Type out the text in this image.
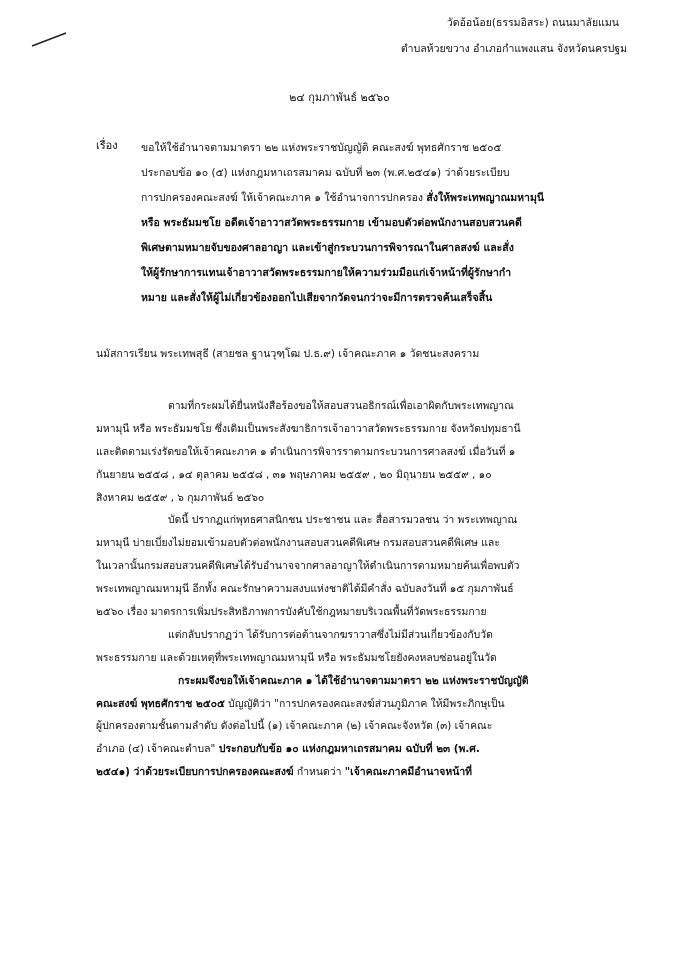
วัดอ้อน้อย(ธรรมอิสระ) ถนนมาลัยแมน
ตำบลห้วยขวาง อำเภอกำแพงแสน จังหวัดนครปฐม
๒๔ กุมภาพันธ์ ๒๕๖๐
เรื่อง ขอให้ใช้อำนาจตามมาตรา ๒๒ แห่งพระราชบัญญัติ คณะสงฆ์ พุทธศักราช ๒๕๐๕
ประกอบข้อ ๑๐ (๕) แห่งกฎมหาเถรสมาคม ฉบับที่ ๒๓ (พ.ศ.๒๕๔๑) ว่าด้วยระเบียบ
การปกครองคณะสงฆ์ ให้เจ้าคณะภาค ๑ ใช้อำนาจการปกครอง สั่งให้พระเทพญาณมหามุนี
หรือ พระธัมมชโย อดีตเจ้าอาวาสวัดพระธรรมกาย เข้ามอบตัวต่อพนักงานสอบสวนคดี
พิเศษตามหมายจับของศาลอาญา และเข้าสู่กระบวนการพิจารณาในศาลสงฆ์ และสั่ง
ให้ผู้รักษาการแทนเจ้าอาวาสวัดพระธรรมกายให้ความร่วมมือแก่เจ้าหน้าที่ผู้รักษากำ
หมาย และสั่งให้ผู้ไม่เกี่ยวข้องออกไปเสียจากวัดจนกว่าจะมีการตรวจค้นเสร็จสิ้น
นมัสการเรียน พระเทพสุธี (สายชล ฐานวุฑฺโฒ ป.ธ.๙) เจ้าคณะภาค ๑ วัดชนะสงคราม
ตามที่กระผมได้ยื่นหนังสือร้องขอให้สอบสวนอธิกรณ์เพื่อเอาผิดกับพระเทพญาณ
มหามุนี หรือ พระธัมมชโย ซึ่งเดิมเป็นพระสังฆาธิการเจ้าอาวาสวัดพระธรรมกาย จังหวัดปทุมธานี
และติดตามเร่งรัดขอให้เจ้าคณะภาค ๑ ดำเนินการพิจารราตามกระบวนการศาลสงฆ์ เมื่อวันที่ ๑
กันยายน ๒๕๕๘ , ๑๔ ตุลาคม ๒๕๕๘ , ๓๑ พฤษภาคม ๒๕๕๙ , ๒๐ มิถุนายน ๒๕๕๙ , ๑๐
สิงหาคม ๒๕๕๙ , ๖ กุมภาพันธ์ ๒๕๖๐
บัดนี้ ปรากฏแก่พุทธศาสนิกชน ประชาชน และ สื่อสารมวลชน ว่า พระเทพญาณ
มหามุนี บ่ายเบี่ยงไม่ยอมเข้ามอบตัวต่อพนักงานสอบสวนคดีพิเศษ กรมสอบสวนคดีพิเศษ และ
ในเวลานั้นกรมสอบสวนคดีพิเศษได้รับอำนาจจากศาลอาญาให้ดำเนินการตามหมายค้นเพื่อพบตัว
พระเทพญาณมหามุนี อีกทั้ง คณะรักษาความสงบแห่งชาติได้มีคำสั่ง ฉบับลงวันที่ ๑๕ กุมภาพันธ์
๒๕๖๐ เรื่อง มาตรการเพิ่มประสิทธิภาพการบังคับใช้กฎหมายบริเวณพื้นที่วัดพระธรรมกาย
แต่กลับปรากฏว่า ได้รับการต่อต้านจากฆราวาสซึ่งไม่มีส่วนเกี่ยวข้องกับวัด
พระธรรมกาย และด้วยเหตุที่พระเทพญาณมหามุนี หรือ พระธัมมชโยยังคงหลบซ่อนอยู่ในวัด
กระผมจึงขอให้เจ้าคณะภาค ๑ ได้ใช้อำนาจตามมาตรา ๒๒ แห่งพระราชบัญญัติ
คณะสงฆ์ พุทธศักราช ๒๕๐๕ บัญญัติว่า "การปกครองคณะสงฆ์ส่วนภูมิภาค ให้มีพระภิกษุเป็น
ผู้ปกครองตามชั้นตามลำดับ ดังต่อไปนี้ (๑) เจ้าคณะภาค (๒) เจ้าคณะจังหวัด (๓) เจ้าคณะ
อำเภอ (๔) เจ้าคณะตำบล" ประกอบกับข้อ ๑๐ แห่งกฎมหาเถรสมาคม ฉบับที่ ๒๓ (พ.ศ.
๒๕๔๑) ว่าด้วยระเบียบการปกครองคณะสงฆ์ กำหนดว่า "เจ้าคณะภาคมีอำนาจหน้าที่
